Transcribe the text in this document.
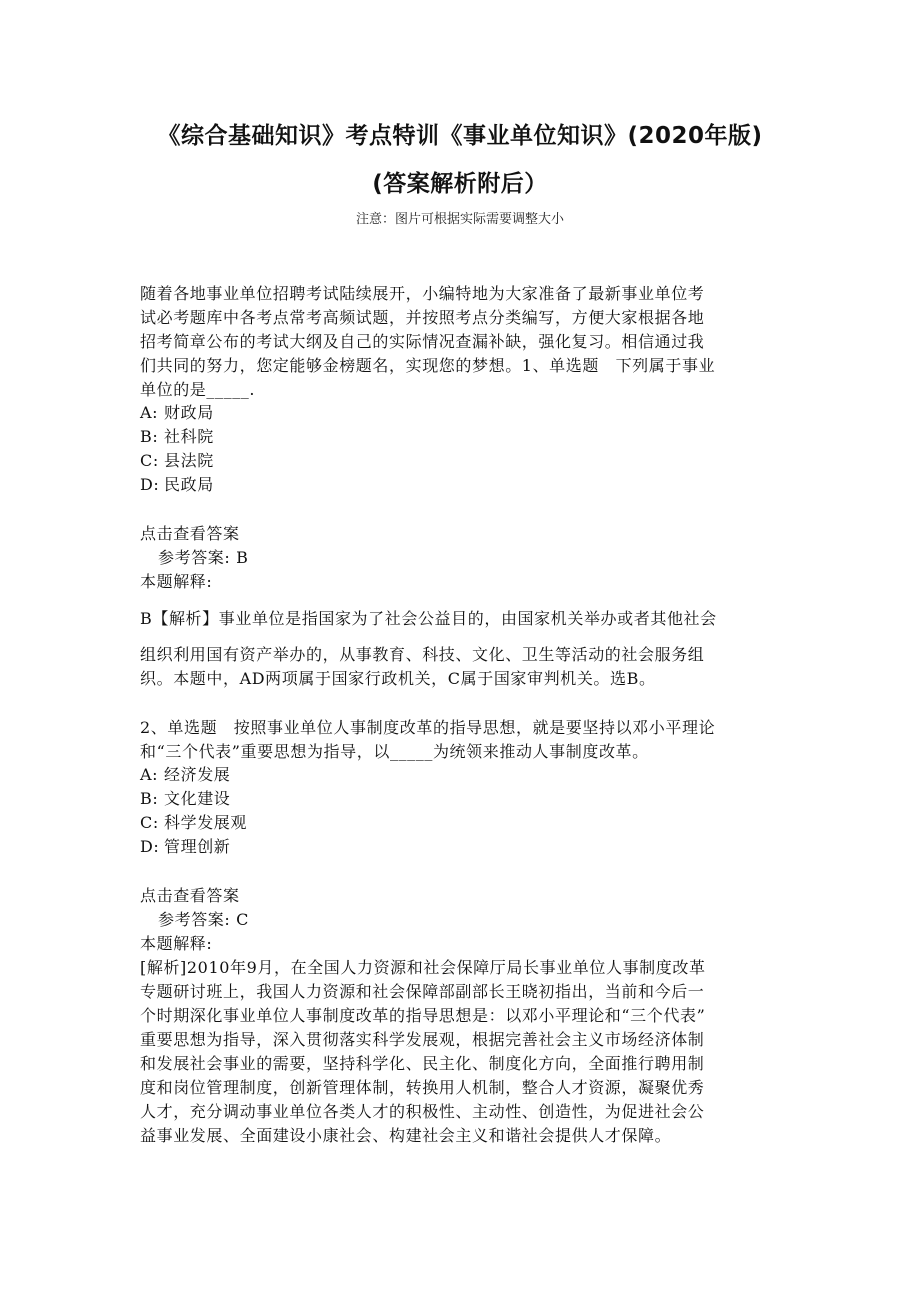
《综合基础知识》考点特训《事业单位知识》(2020年版)
(答案解析附后）
注意：图片可根据实际需要调整大小
随着各地事业单位招聘考试陆续展开，小编特地为大家准备了最新事业单位考
试必考题库中各考点常考高频试题，并按照考点分类编写，方便大家根据各地
招考简章公布的考试大纲及自己的实际情况查漏补缺，强化复习。相信通过我
们共同的努力，您定能够金榜题名，实现您的梦想。1、单选题　下列属于事业
单位的是_____.
A: 财政局
B: 社科院
C: 县法院
D: 民政局
点击查看答案
参考答案: B
本题解释:
B【解析】事业单位是指国家为了社会公益目的，由国家机关举办或者其他社会
组织利用国有资产举办的，从事教育、科技、文化、卫生等活动的社会服务组
织。本题中，AD两项属于国家行政机关，C属于国家审判机关。选B。
2、单选题　按照事业单位人事制度改革的指导思想，就是要坚持以邓小平理论
和“三个代表”重要思想为指导，以_____为统领来推动人事制度改革。
A: 经济发展
B: 文化建设
C: 科学发展观
D: 管理创新
点击查看答案
参考答案: C
本题解释:
[解析]2010年9月，在全国人力资源和社会保障厅局长事业单位人事制度改革
专题研讨班上，我国人力资源和社会保障部副部长王晓初指出，当前和今后一
个时期深化事业单位人事制度改革的指导思想是：以邓小平理论和“三个代表”
重要思想为指导，深入贯彻落实科学发展观，根据完善社会主义市场经济体制
和发展社会事业的需要，坚持科学化、民主化、制度化方向，全面推行聘用制
度和岗位管理制度，创新管理体制，转换用人机制，整合人才资源，凝聚优秀
人才，充分调动事业单位各类人才的积极性、主动性、创造性，为促进社会公
益事业发展、全面建设小康社会、构建社会主义和谐社会提供人才保障。
